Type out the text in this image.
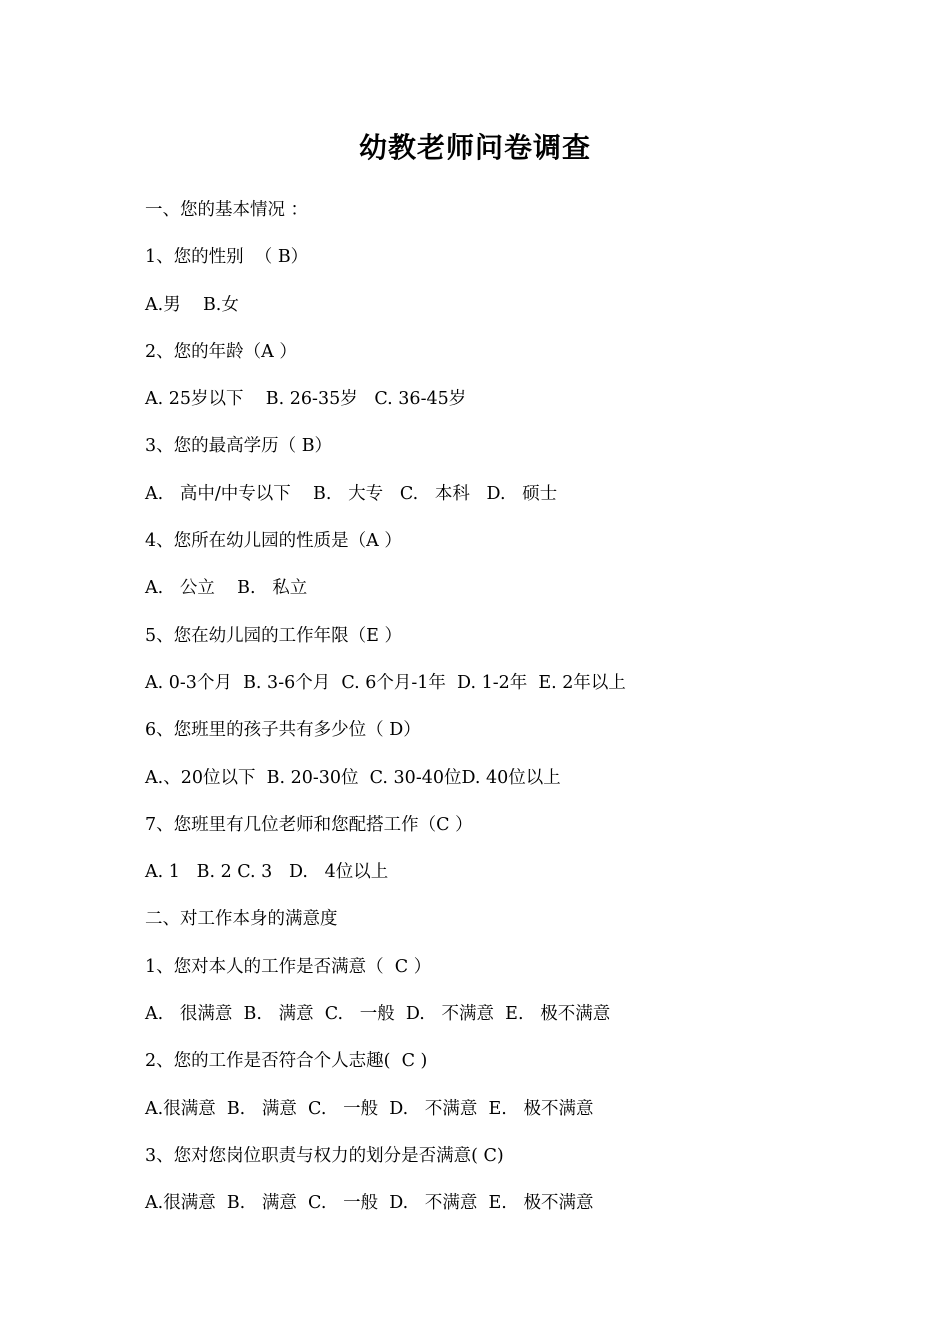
幼教老师问卷调查
一、您的基本情况 ：
1、您的性别  （ B）
A.男    B.女
2、您的年龄（A ）
A. 25岁以下    B. 26-35岁   C. 36-45岁
3、您的最高学历（ B）
A.   高中/中专以下    B.   大专   C.   本科   D.   硕士
4、您所在幼儿园的性质是（A ）
A.   公立    B.   私立
5、您在幼儿园的工作年限（E ）
A. 0-3个月  B. 3-6个月  C. 6个月-1年  D. 1-2年  E. 2年以上
6、您班里的孩子共有多少位（ D）
A.、20位以下  B. 20-30位  C. 30-40位D. 40位以上
7、您班里有几位老师和您配搭工作（C ）
A. 1   B. 2 C. 3   D.   4位以上
二、对工作本身的满意度
1、您对本人的工作是否满意（  C ）
A.   很满意  B.   满意  C.   一般  D.   不满意  E.   极不满意
2、您的工作是否符合个人志趣(  C )
A.很满意  B.   满意  C.   一般  D.   不满意  E.   极不满意
3、您对您岗位职责与权力的划分是否满意( C)
A.很满意  B.   满意  C.   一般  D.   不满意  E.   极不满意
